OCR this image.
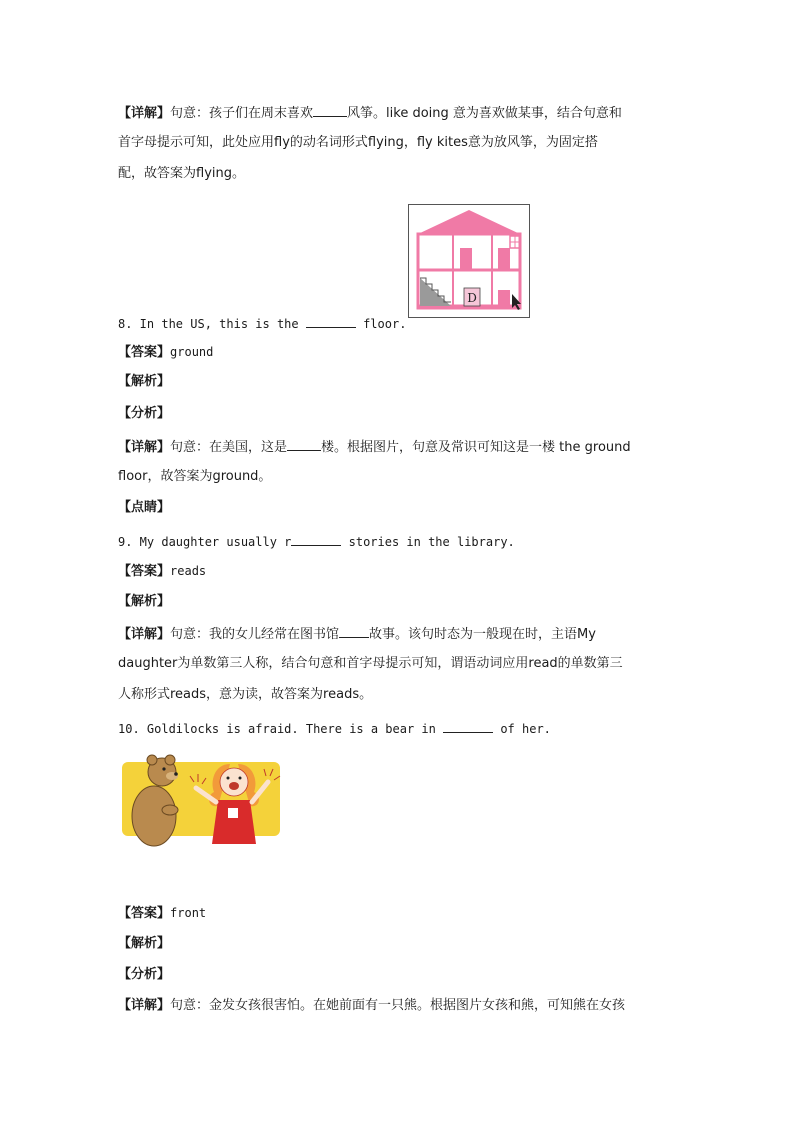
【详解】句意：孩子们在周末喜欢	风筝。like doing 意为喜欢做某事，结合句意和
首字母提示可知，此处应用fly的动名词形式flying，fly kites意为放风筝，为固定搭
配，故答案为flying。
D
8. In the US, this is the	floor.
【答案】ground
【解析】
【分析】
【详解】句意：在美国，这是	楼。根据图片，句意及常识可知这是一楼 the ground
floor，故答案为ground。
【点睛】
9. My daughter usually r	stories in the library.
【答案】reads
【解析】
【详解】句意：我的女儿经常在图书馆 故事。该句时态为一般现在时，主语My
daughter为单数第三人称，结合句意和首字母提示可知，谓语动词应用read的单数第三
人称形式reads，意为读，故答案为reads。
10. Goldilocks is afraid. There is a bear in	of her.
【答案】front
【解析】
【分析】
【详解】句意：金发女孩很害怕。在她前面有一只熊。根据图片女孩和熊，可知熊在女孩
